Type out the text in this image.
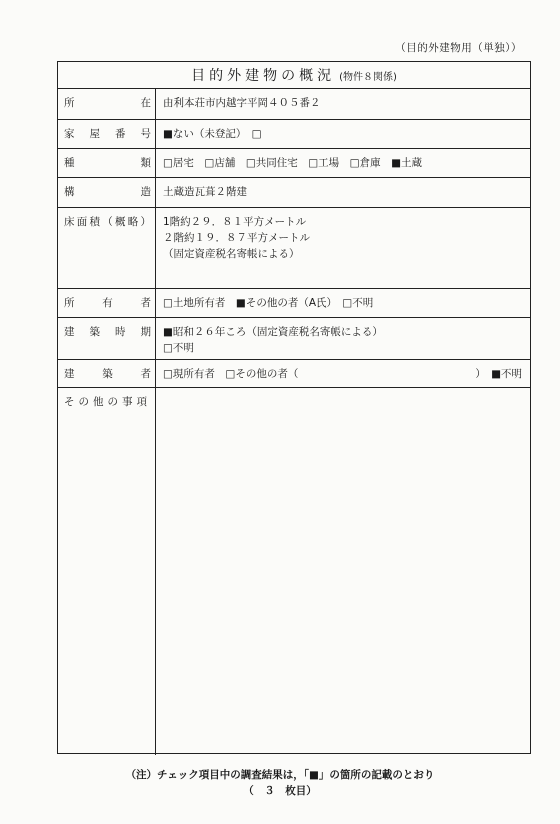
（目的外建物用（単独））
目的外建物の概況 (物件８関係)
所	在 由利本荘市内越字平岡４０５番２
家 屋 番 号 ■ない（未登記）　□
種	類 □居宅　□店舗　□共同住宅　□工場　□倉庫　■土蔵
構	造 土蔵造瓦葺２階建
床 面 積 （ 概 略 ） 1階約２９．８１平方メートル
２階約１９．８７平方メートル
（固定資産税名寄帳による）
所	有	者 □土地所有者　■その他の者（A氏）　□不明
建 築 時 期 ■昭和２６年ころ（固定資産税名寄帳による）
□不明
建	築	者	□現所有者　□その他の者（	）　■不明
そ の 他 の 事 項
（注）チェック項目中の調査結果は，「■」の箇所の記載のとおり
（　３　枚目）
